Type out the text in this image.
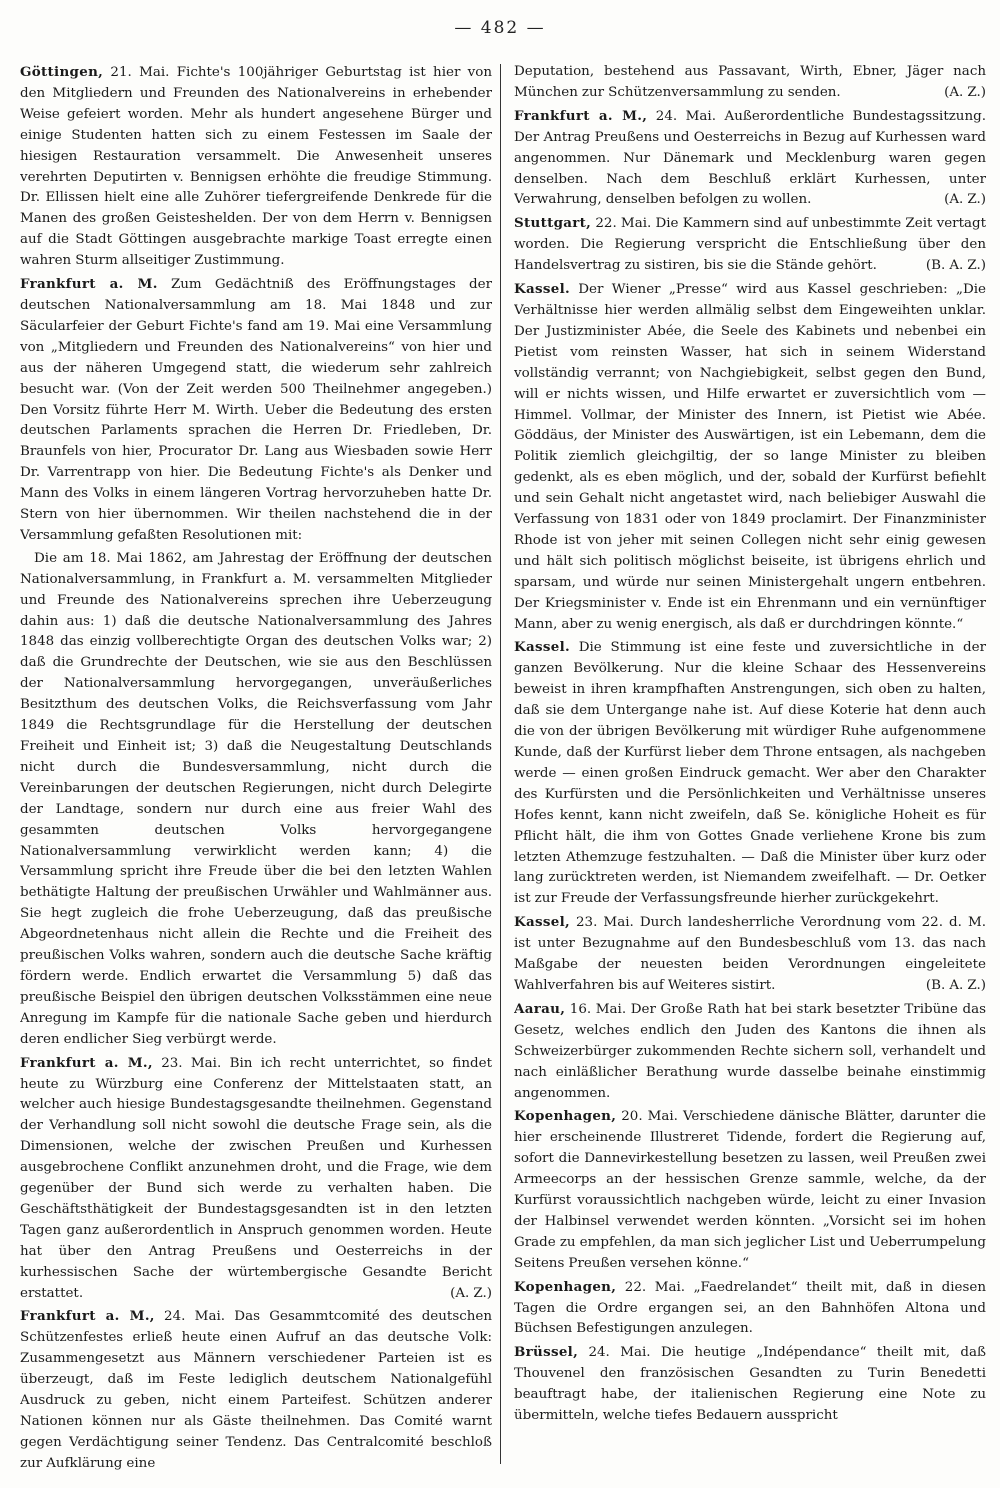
— 482 —

Göttingen, 21. Mai. Fichte's 100jähriger Geburtstag ist hier von den Mitgliedern und Freunden des Nationalvereins in erhebender Weise gefeiert worden. Mehr als hundert angesehene Bürger und einige Studenten hatten sich zu einem Festessen im Saale der hiesigen Restauration versammelt. Die Anwesenheit unseres verehrten Deputirten v. Bennigsen erhöhte die freudige Stimmung. Dr. Ellissen hielt eine alle Zuhörer tiefergreifende Denkrede für die Manen des großen Geisteshelden. Der von dem Herrn v. Bennigsen auf die Stadt Göttingen ausgebrachte markige Toast erregte einen wahren Sturm allseitiger Zustimmung.

Frankfurt a. M. Zum Gedächtniß des Eröffnungstages der deutschen Nationalversammlung am 18. Mai 1848 und zur Säcularfeier der Geburt Fichte's fand am 19. Mai eine Versammlung von „Mitgliedern und Freunden des Nationalvereins“ von hier und aus der näheren Umgegend statt, die wiederum sehr zahlreich besucht war. (Von der Zeit werden 500 Theilnehmer angegeben.) Den Vorsitz führte Herr M. Wirth. Ueber die Bedeutung des ersten deutschen Parlaments sprachen die Herren Dr. Friedleben, Dr. Braunfels von hier, Procurator Dr. Lang aus Wiesbaden sowie Herr Dr. Varrentrapp von hier. Die Bedeutung Fichte's als Denker und Mann des Volks in einem längeren Vortrag hervorzuheben hatte Dr. Stern von hier übernommen. Wir theilen nachstehend die in der Versammlung gefaßten Resolutionen mit:

Die am 18. Mai 1862, am Jahrestag der Eröffnung der deutschen Nationalversammlung, in Frankfurt a. M. versammelten Mitglieder und Freunde des Nationalvereins sprechen ihre Ueberzeugung dahin aus: 1) daß die deutsche Nationalversammlung des Jahres 1848 das einzig vollberechtigte Organ des deutschen Volks war; 2) daß die Grundrechte der Deutschen, wie sie aus den Beschlüssen der Nationalversammlung hervorgegangen, unveräußerliches Besitzthum des deutschen Volks, die Reichsverfassung vom Jahr 1849 die Rechtsgrundlage für die Herstellung der deutschen Freiheit und Einheit ist; 3) daß die Neugestaltung Deutschlands nicht durch die Bundesversammlung, nicht durch die Vereinbarungen der deutschen Regierungen, nicht durch Delegirte der Landtage, sondern nur durch eine aus freier Wahl des gesammten deutschen Volks hervorgegangene Nationalversammlung verwirklicht werden kann; 4) die Versammlung spricht ihre Freude über die bei den letzten Wahlen bethätigte Haltung der preußischen Urwähler und Wahlmänner aus. Sie hegt zugleich die frohe Ueberzeugung, daß das preußische Abgeordnetenhaus nicht allein die Rechte und die Freiheit des preußischen Volks wahren, sondern auch die deutsche Sache kräftig fördern werde. Endlich erwartet die Versammlung 5) daß das preußische Beispiel den übrigen deutschen Volksstämmen eine neue Anregung im Kampfe für die nationale Sache geben und hierdurch deren endlicher Sieg verbürgt werde.

Frankfurt a. M., 23. Mai. Bin ich recht unterrichtet, so findet heute zu Würzburg eine Conferenz der Mittelstaaten statt, an welcher auch hiesige Bundestagsgesandte theilnehmen. Gegenstand der Verhandlung soll nicht sowohl die deutsche Frage sein, als die Dimensionen, welche der zwischen Preußen und Kurhessen ausgebrochene Conflikt anzunehmen droht, und die Frage, wie dem gegenüber der Bund sich werde zu verhalten haben. Die Geschäftsthätigkeit der Bundestagsgesandten ist in den letzten Tagen ganz außerordentlich in Anspruch genommen worden. Heute hat über den Antrag Preußens und Oesterreichs in der kurhessischen Sache der würtembergische Gesandte Bericht erstattet.	(A. Z.)

Frankfurt a. M., 24. Mai. Das Gesammtcomité des deutschen Schützenfestes erließ heute einen Aufruf an das deutsche Volk: Zusammengesetzt aus Männern verschiedener Parteien ist es überzeugt, daß im Feste lediglich deutschem Nationalgefühl Ausdruck zu geben, nicht einem Parteifest. Schützen anderer Nationen können nur als Gäste theilnehmen. Das Comité warnt gegen Verdächtigung seiner Tendenz. Das Centralcomité beschloß zur Aufklärung eine

Deputation, bestehend aus Passavant, Wirth, Ebner, Jäger nach München zur Schützenversammlung zu senden.	(A. Z.)

Frankfurt a. M., 24. Mai. Außerordentliche Bundestagssitzung. Der Antrag Preußens und Oesterreichs in Bezug auf Kurhessen ward angenommen. Nur Dänemark und Mecklenburg waren gegen denselben. Nach dem Beschluß erklärt Kurhessen, unter Verwahrung, denselben befolgen zu wollen.	(A. Z.)

Stuttgart, 22. Mai. Die Kammern sind auf unbestimmte Zeit vertagt worden. Die Regierung verspricht die Entschließung über den Handelsvertrag zu sistiren, bis sie die Stände gehört.	(B. A. Z.)

Kassel. Der Wiener „Presse“ wird aus Kassel geschrieben: „Die Verhältnisse hier werden allmälig selbst dem Eingeweihten unklar. Der Justizminister Abée, die Seele des Kabinets und nebenbei ein Pietist vom reinsten Wasser, hat sich in seinem Widerstand vollständig verrannt; von Nachgiebigkeit, selbst gegen den Bund, will er nichts wissen, und Hilfe erwartet er zuversichtlich vom — Himmel. Vollmar, der Minister des Innern, ist Pietist wie Abée. Göddäus, der Minister des Auswärtigen, ist ein Lebemann, dem die Politik ziemlich gleichgiltig, der so lange Minister zu bleiben gedenkt, als es eben möglich, und der, sobald der Kurfürst befiehlt und sein Gehalt nicht angetastet wird, nach beliebiger Auswahl die Verfassung von 1831 oder von 1849 proclamirt. Der Finanzminister Rhode ist von jeher mit seinen Collegen nicht sehr einig gewesen und hält sich politisch möglichst beiseite, ist übrigens ehrlich und sparsam, und würde nur seinen Ministergehalt ungern entbehren. Der Kriegsminister v. Ende ist ein Ehrenmann und ein vernünftiger Mann, aber zu wenig energisch, als daß er durchdringen könnte.“

Kassel. Die Stimmung ist eine feste und zuversichtliche in der ganzen Bevölkerung. Nur die kleine Schaar des Hessenvereins beweist in ihren krampfhaften Anstrengungen, sich oben zu halten, daß sie dem Untergange nahe ist. Auf diese Koterie hat denn auch die von der übrigen Bevölkerung mit würdiger Ruhe aufgenommene Kunde, daß der Kurfürst lieber dem Throne entsagen, als nachgeben werde — einen großen Eindruck gemacht. Wer aber den Charakter des Kurfürsten und die Persönlichkeiten und Verhältnisse unseres Hofes kennt, kann nicht zweifeln, daß Se. königliche Hoheit es für Pflicht hält, die ihm von Gottes Gnade verliehene Krone bis zum letzten Athemzuge festzuhalten. — Daß die Minister über kurz oder lang zurücktreten werden, ist Niemandem zweifelhaft. — Dr. Oetker ist zur Freude der Verfassungsfreunde hierher zurückgekehrt.

Kassel, 23. Mai. Durch landesherrliche Verordnung vom 22. d. M. ist unter Bezugnahme auf den Bundesbeschluß vom 13. das nach Maßgabe der neuesten beiden Verordnungen eingeleitete Wahlverfahren bis auf Weiteres sistirt.	(B. A. Z.)

Aarau, 16. Mai. Der Große Rath hat bei stark besetzter Tribüne das Gesetz, welches endlich den Juden des Kantons die ihnen als Schweizerbürger zukommenden Rechte sichern soll, verhandelt und nach einläßlicher Berathung wurde dasselbe beinahe einstimmig angenommen.

Kopenhagen, 20. Mai. Verschiedene dänische Blätter, darunter die hier erscheinende Illustreret Tidende, fordert die Regierung auf, sofort die Dannevirkestellung besetzen zu lassen, weil Preußen zwei Armeecorps an der hessischen Grenze sammle, welche, da der Kurfürst voraussichtlich nachgeben würde, leicht zu einer Invasion der Halbinsel verwendet werden könnten. „Vorsicht sei im hohen Grade zu empfehlen, da man sich jeglicher List und Ueberrumpelung Seitens Preußen versehen könne.“

Kopenhagen, 22. Mai. „Faedrelandet“ theilt mit, daß in diesen Tagen die Ordre ergangen sei, an den Bahnhöfen Altona und Büchsen Befestigungen anzulegen.

Brüssel, 24. Mai. Die heutige „Indépendance“ theilt mit, daß Thouvenel den französischen Gesandten zu Turin Benedetti beauftragt habe, der italienischen Regierung eine Note zu übermitteln, welche tiefes Bedauern ausspricht
